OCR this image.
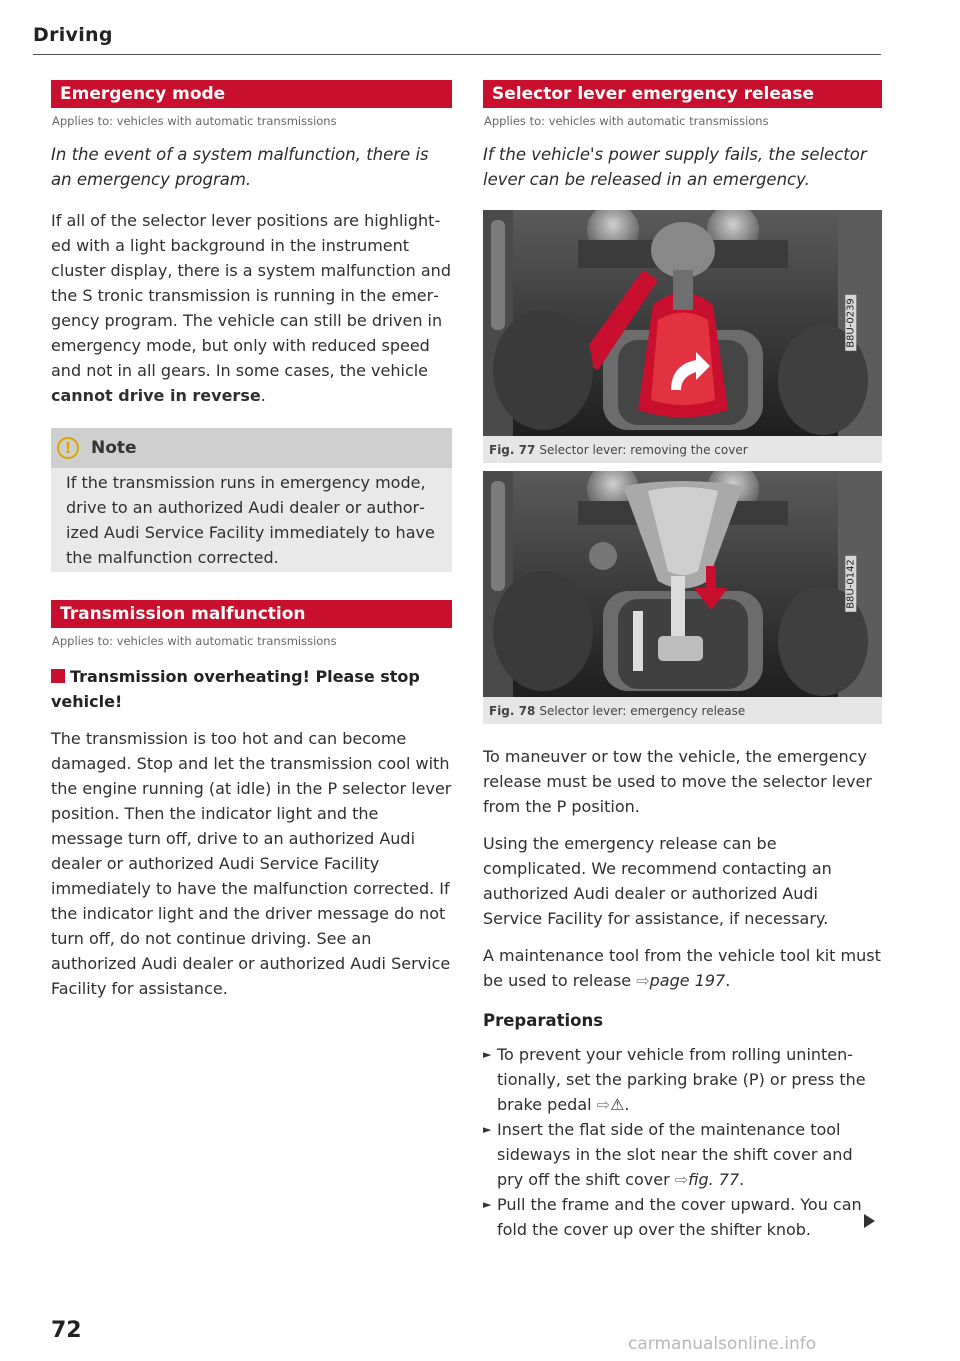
Driving
Emergency mode
Applies to: vehicles with automatic transmissions

In the event of a system malfunction, there is an emergency program.

If all of the selector lever positions are highlighted with a light background in the instrument cluster display, there is a system malfunction and the S tronic transmission is running in the emergency program. The vehicle can still be driven in emergency mode, but only with reduced speed and not in all gears. In some cases, the vehicle cannot drive in reverse.

!	Note
If the transmission runs in emergency mode, drive to an authorized Audi dealer or authorized Audi Service Facility immediately to have the malfunction corrected.
Transmission malfunction
Applies to: vehicles with automatic transmissions
Transmission overheating! Please stop vehicle!

The transmission is too hot and can become damaged. Stop and let the transmission cool with the engine running (at idle) in the P selector lever position. Then the indicator light and the message turn off, drive to an authorized Audi dealer or authorized Audi Service Facility immediately to have the malfunction corrected. If the indicator light and the driver message do not turn off, do not continue driving. See an authorized Audi dealer or authorized Audi Service Facility for assistance.

Selector lever emergency release
Applies to: vehicles with automatic transmissions

If the vehicle's power supply fails, the selector lever can be released in an emergency.

B8U-0239
Fig. 77 Selector lever: removing the cover
B8U-0142
Fig. 78 Selector lever: emergency release

To maneuver or tow the vehicle, the emergency release must be used to move the selector lever from the P position.

Using the emergency release can be complicated. We recommend contacting an authorized Audi dealer or authorized Audi Service Facility for assistance, if necessary.

A maintenance tool from the vehicle tool kit must be used to release ⇨page 197.

Preparations
► To prevent your vehicle from rolling unintentionally, set the parking brake (P) or press the brake pedal ⇨⚠.
► Insert the flat side of the maintenance tool sideways in the slot near the shift cover and pry off the shift cover ⇨fig. 77.
► Pull the frame and the cover upward. You can fold the cover up over the shifter knob.
72
carmanualsonline.info
